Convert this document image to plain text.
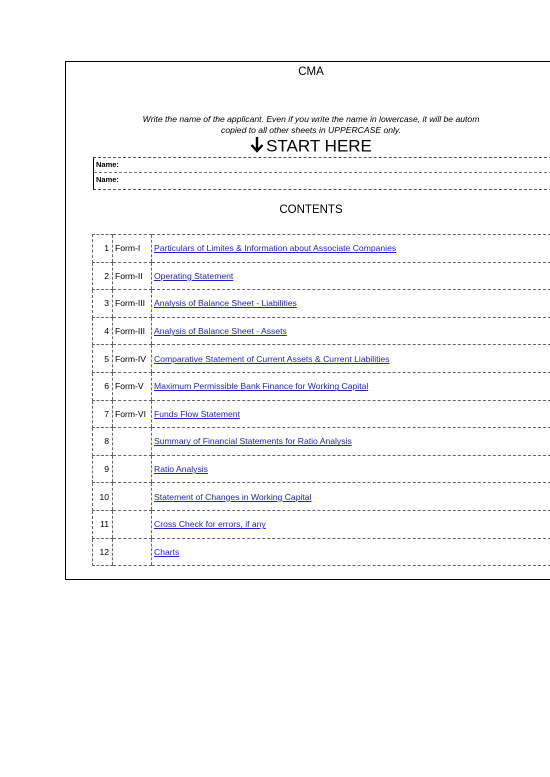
CMA
Write the name of the applicant. Even if you write the name in lowercase, it will be autom
copied to all other sheets in UPPERCASE only.
START HERE
Name:
Name:
CONTENTS
1	Form-I	Particulars of Limites & Information about Associate Companies
2	Form-II	Operating Statement
3	Form-III	Analysis of Balance Sheet - Liabilities
4	Form-III	Analysis of Balance Sheet - Assets
5	Form-IV	Comparative Statement of Current Assets & Current Liabilities
6	Form-V	Maximum Permissible Bank Finance for Working Capital
7	Form-VI	Funds Flow Statement
8		Summary of Financial Statements for Ratio Analysis
9		Ratio Analysis
10		Statement of Changes in Working Capital
11		Cross Check for errors, if any
12		Charts
